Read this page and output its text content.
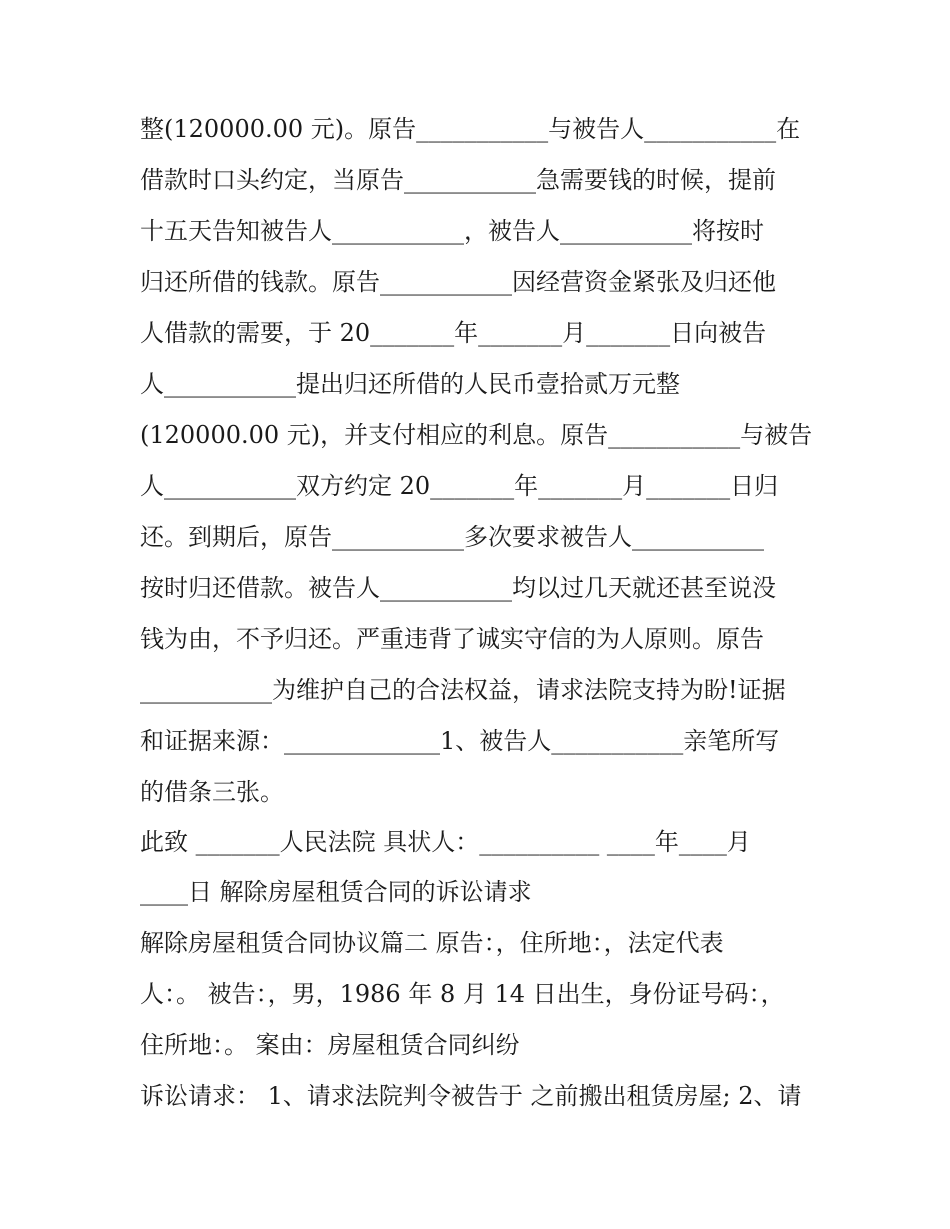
整(120000.00 元)。原告___________与被告人___________在
借款时口头约定，当原告___________急需要钱的时候，提前
十五天告知被告人___________，被告人___________将按时
归还所借的钱款。原告___________因经营资金紧张及归还他
人借款的需要，于 20_______年_______月_______日向被告
人___________提出归还所借的人民币壹拾贰万元整
(120000.00 元)，并支付相应的利息。原告___________与被告
人___________双方约定 20_______年_______月_______日归
还。到期后，原告___________多次要求被告人___________
按时归还借款。被告人___________均以过几天就还甚至说没
钱为由，不予归还。严重违背了诚实守信的为人原则。原告
___________为维护自己的合法权益，请求法院支持为盼!证据
和证据来源：_____________1、被告人___________亲笔所写
的借条三张。
此致 _______人民法院 具状人：__________ ____年____月
____日 解除房屋租赁合同的诉讼请求
解除房屋租赁合同协议篇二 原告：，住所地：，法定代表
人：。 被告：，男，1986 年 8 月 14 日出生，身份证号码：，
住所地：。 案由：房屋租赁合同纠纷
诉讼请求： 1、请求法院判令被告于 之前搬出租赁房屋; 2、请
